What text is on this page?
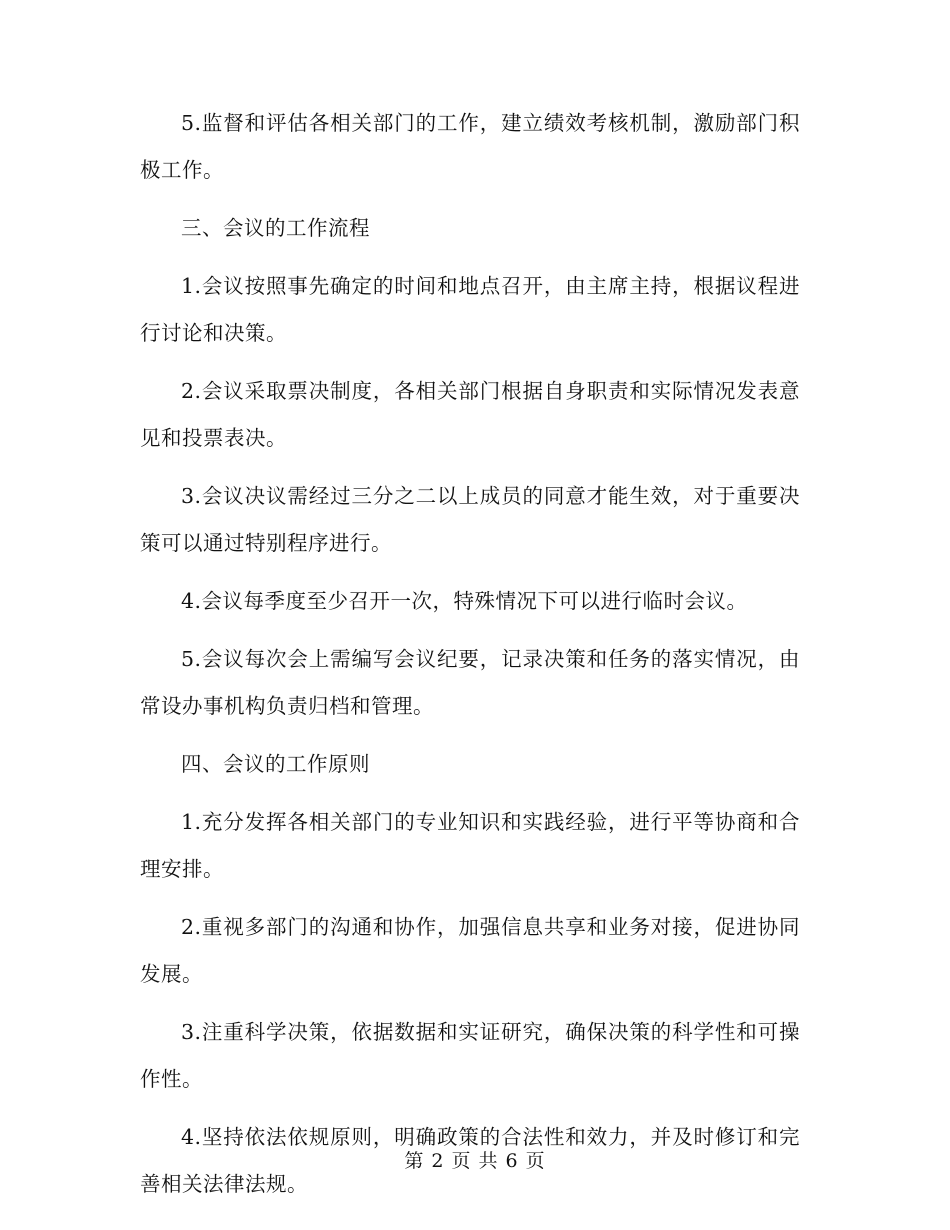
5.监督和评估各相关部门的工作，建立绩效考核机制，激励部门积极工作。

三、会议的工作流程

1.会议按照事先确定的时间和地点召开，由主席主持，根据议程进行讨论和决策。

2.会议采取票决制度，各相关部门根据自身职责和实际情况发表意见和投票表决。

3.会议决议需经过三分之二以上成员的同意才能生效，对于重要决策可以通过特别程序进行。

4.会议每季度至少召开一次，特殊情况下可以进行临时会议。

5.会议每次会上需编写会议纪要，记录决策和任务的落实情况，由常设办事机构负责归档和管理。

四、会议的工作原则

1.充分发挥各相关部门的专业知识和实践经验，进行平等协商和合理安排。

2.重视多部门的沟通和协作，加强信息共享和业务对接，促进协同发展。

3.注重科学决策，依据数据和实证研究，确保决策的科学性和可操作性。

4.坚持依法依规原则，明确政策的合法性和效力，并及时修订和完善相关法律法规。

第 2 页 共 6 页
